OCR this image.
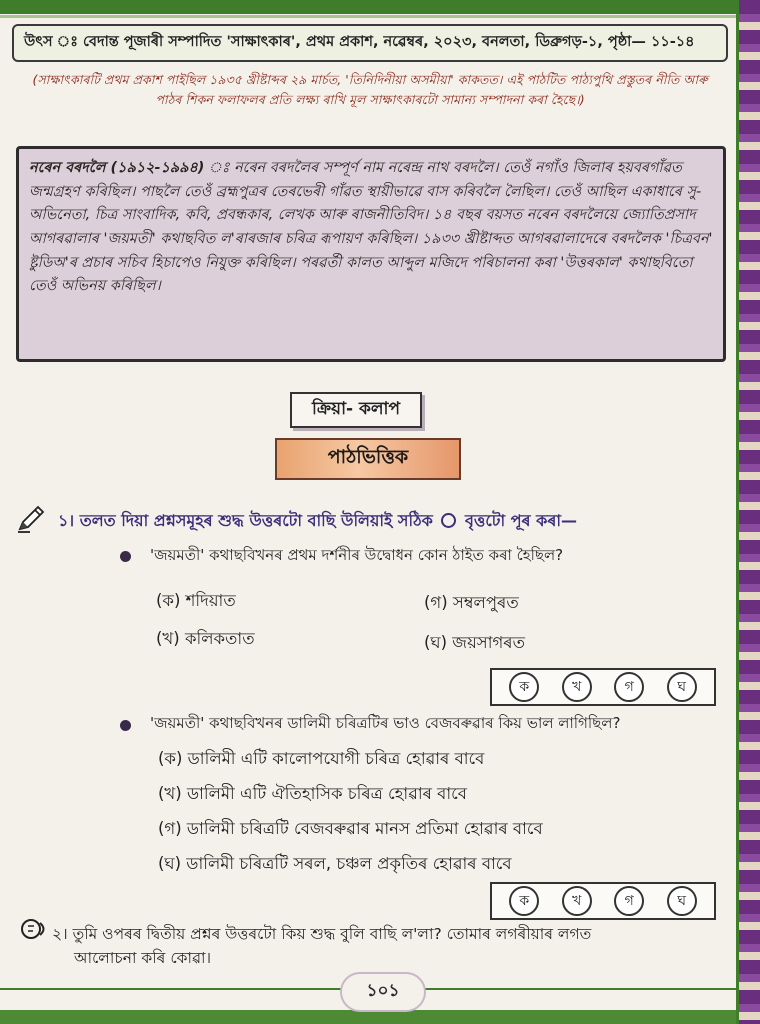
উৎস ঃ বেদান্ত পূজাৰী সম্পাদিত 'সাক্ষাৎকাৰ', প্ৰথম প্ৰকাশ, নৱেম্বৰ, ২০২৩, বনলতা, ডিব্ৰুগড়-১, পৃষ্ঠা— ১১-১৪
(সাক্ষাৎকাৰটি প্ৰথম প্ৰকাশ পাইছিল ১৯৩৫ খ্ৰীষ্টাব্দৰ ২৯ মাৰ্চত, 'তিনিদিনীয়া অসমীয়া' কাকতত। এই পাঠটিত পাঠ্যপুথি প্ৰস্তুতৰ নীতি আৰু পাঠৰ শিকন ফলাফলৰ প্ৰতি লক্ষ্য ৰাখি মূল সাক্ষাৎকাৰটো সামান্য সম্পাদনা কৰা হৈছে।)
নৰেন বৰদলৈ (১৯১২-১৯৯৪) ঃ নৰেন বৰদলৈৰ সম্পূৰ্ণ নাম নৰেন্দ্ৰ নাথ বৰদলৈ। তেওঁ নগাঁও জিলাৰ হয়বৰগাঁৱত জন্মগ্ৰহণ কৰিছিল। পাছলৈ তেওঁ ব্ৰহ্মপুত্ৰৰ তেৰভেৰী গাঁৱত স্থায়ীভাৱে বাস কৰিবলৈ লৈছিল। তেওঁ আছিল একাধাৰে সু-অভিনেতা, চিত্ৰ সাংবাদিক, কবি, প্ৰবন্ধকাৰ, লেখক আৰু ৰাজনীতিবিদ। ১৪ বছৰ বয়সত নৰেন বৰদলৈয়ে জ্যোতিপ্ৰসাদ আগৰৱালাৰ 'জয়মতী' কথাছবিত ল'ৰাৰজাৰ চৰিত্ৰ ৰূপায়ণ কৰিছিল। ১৯৩৩ খ্ৰীষ্টাব্দত আগৰৱালাদেৰে বৰদলৈক 'চিত্ৰবন' ষ্টুডিঅ'ৰ প্ৰচাৰ সচিব হিচাপেও নিযুক্ত কৰিছিল। পৰৱৰ্তী কালত আব্দুল মজিদে পৰিচালনা কৰা 'উত্তৰকাল' কথাছবিতো তেওঁ অভিনয় কৰিছিল।
ক্ৰিয়া- কলাপ
পাঠভিত্তিক
১। তলত দিয়া প্ৰশ্নসমূহৰ শুদ্ধ উত্তৰটো বাছি উলিয়াই সঠিক বৃত্তটো পূৰ কৰা—
'জয়মতী' কথাছবিখনৰ প্ৰথম দৰ্শনীৰ উদ্বোধন কোন ঠাইত কৰা হৈছিল?
(ক) শদিয়াত	(গ) সম্বলপুৰত
(খ) কলিকতাত	(ঘ) জয়সাগৰত
ক	খ	গ	ঘ
'জয়মতী' কথাছবিখনৰ ডালিমী চৰিত্ৰটিৰ ভাও বেজবৰুৱাৰ কিয় ভাল লাগিছিল?
(ক) ডালিমী এটি কালোপযোগী চৰিত্ৰ হোৱাৰ বাবে
(খ) ডালিমী এটি ঐতিহাসিক চৰিত্ৰ হোৱাৰ বাবে
(গ) ডালিমী চৰিত্ৰটি বেজবৰুৱাৰ মানস প্ৰতিমা হোৱাৰ বাবে
(ঘ) ডালিমী চৰিত্ৰটি সৰল, চঞ্চল প্ৰকৃতিৰ হোৱাৰ বাবে
ক	খ	গ	ঘ
২। তুমি ওপৰৰ দ্বিতীয় প্ৰশ্নৰ উত্তৰটো কিয় শুদ্ধ বুলি বাছি ল'লা? তোমাৰ লগৰীয়াৰ লগত
আলোচনা কৰি কোৱা।
১০১
